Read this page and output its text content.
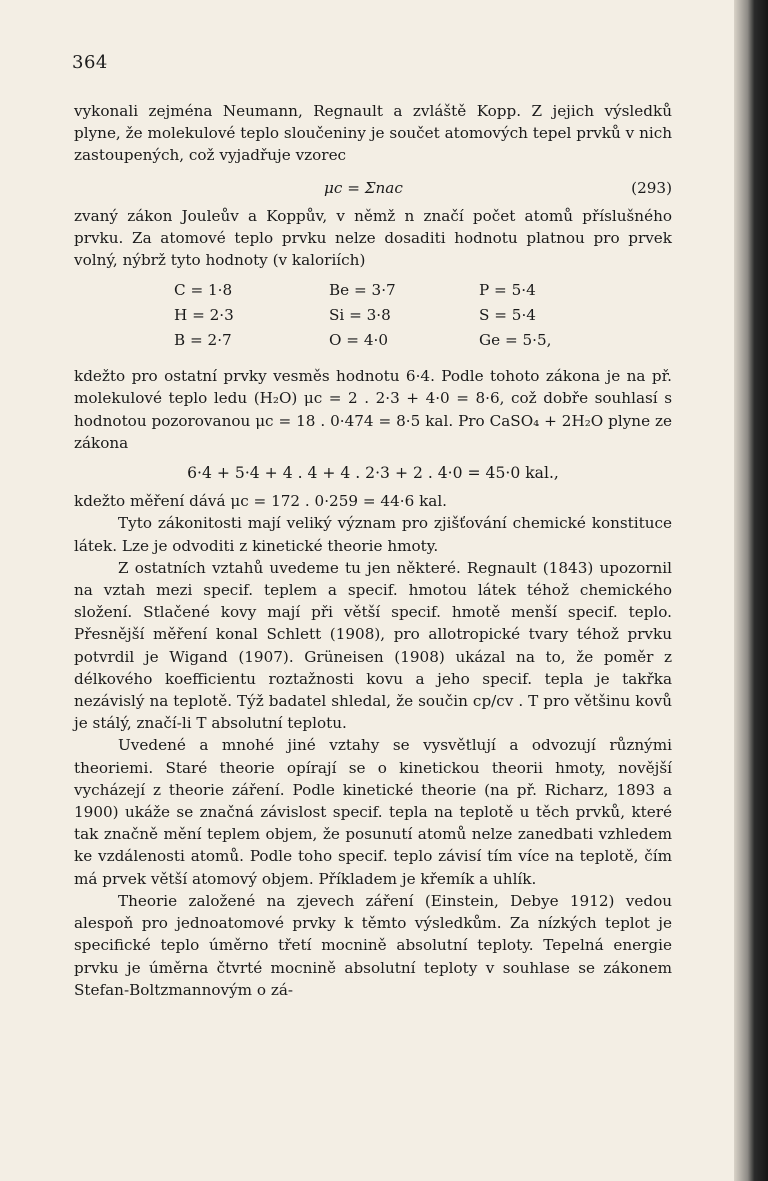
364

vykonali zejména Neumann, Regnault a zvláště Kopp. Z jejich výsledků plyne, že molekulové teplo sloučeniny je součet atomových tepel prvků v nich zastoupených, což vyjadřuje vzorec

μc = Σnac	(293)

zvaný zákon Jouleův a Koppův, v němž n značí počet atomů příslušného prvku. Za atomové teplo prvku nelze dosaditi hodnotu platnou pro prvek volný, nýbrž tyto hodnoty (v kaloriích)

C = 1·8	Be = 3·7	P = 5·4
H = 2·3	Si = 3·8	S = 5·4
B = 2·7	O = 4·0	Ge = 5·5,

kdežto pro ostatní prvky vesměs hodnotu 6·4. Podle tohoto zákona je na př. molekulové teplo ledu (H₂O) μc = 2 . 2·3 + 4·0 = 8·6, což dobře souhlasí s hodnotou pozorovanou μc = 18 . 0·474 = 8·5 kal. Pro CaSO₄ + 2H₂O plyne ze zákona

6·4 + 5·4 + 4 . 4 + 4 . 2·3 + 2 . 4·0 = 45·0 kal.,

kdežto měření dává μc = 172 . 0·259 = 44·6 kal.

Tyto zákonitosti mají veliký význam pro zjišťování chemické konstituce látek. Lze je odvoditi z kinetické theorie hmoty.

Z ostatních vztahů uvedeme tu jen některé. Regnault (1843) upozornil na vztah mezi specif. teplem a specif. hmotou látek téhož chemického složení. Stlačené kovy mají při větší specif. hmotě menší specif. teplo. Přesnější měření konal Schlett (1908), pro allotropické tvary téhož prvku potvrdil je Wigand (1907). Grüneisen (1908) ukázal na to, že poměr z délkového koefficientu roztažnosti kovu a jeho specif. tepla je takřka nezávislý na teplotě. Týž badatel shledal, že součin cp/cv . T pro většinu kovů je stálý, značí-li T absolutní teplotu.

Uvedené a mnohé jiné vztahy se vysvětlují a odvozují různými theoriemi. Staré theorie opírají se o kinetickou theorii hmoty, novější vycházejí z theorie záření. Podle kinetické theorie (na př. Richarz, 1893 a 1900) ukáže se značná závislost specif. tepla na teplotě u těch prvků, které tak značně mění teplem objem, že posunutí atomů nelze zanedbati vzhledem ke vzdálenosti atomů. Podle toho specif. teplo závisí tím více na teplotě, čím má prvek větší atomový objem. Příkladem je křemík a uhlík.

Theorie založené na zjevech záření (Einstein, Debye 1912) vedou alespoň pro jednoatomové prvky k těmto výsledkům. Za nízkých teplot je specifické teplo úměrno třetí mocnině absolutní teploty. Tepelná energie prvku je úměrna čtvrté mocnině absolutní teploty v souhlase se zákonem Stefan-Boltzmannovým o zá-
